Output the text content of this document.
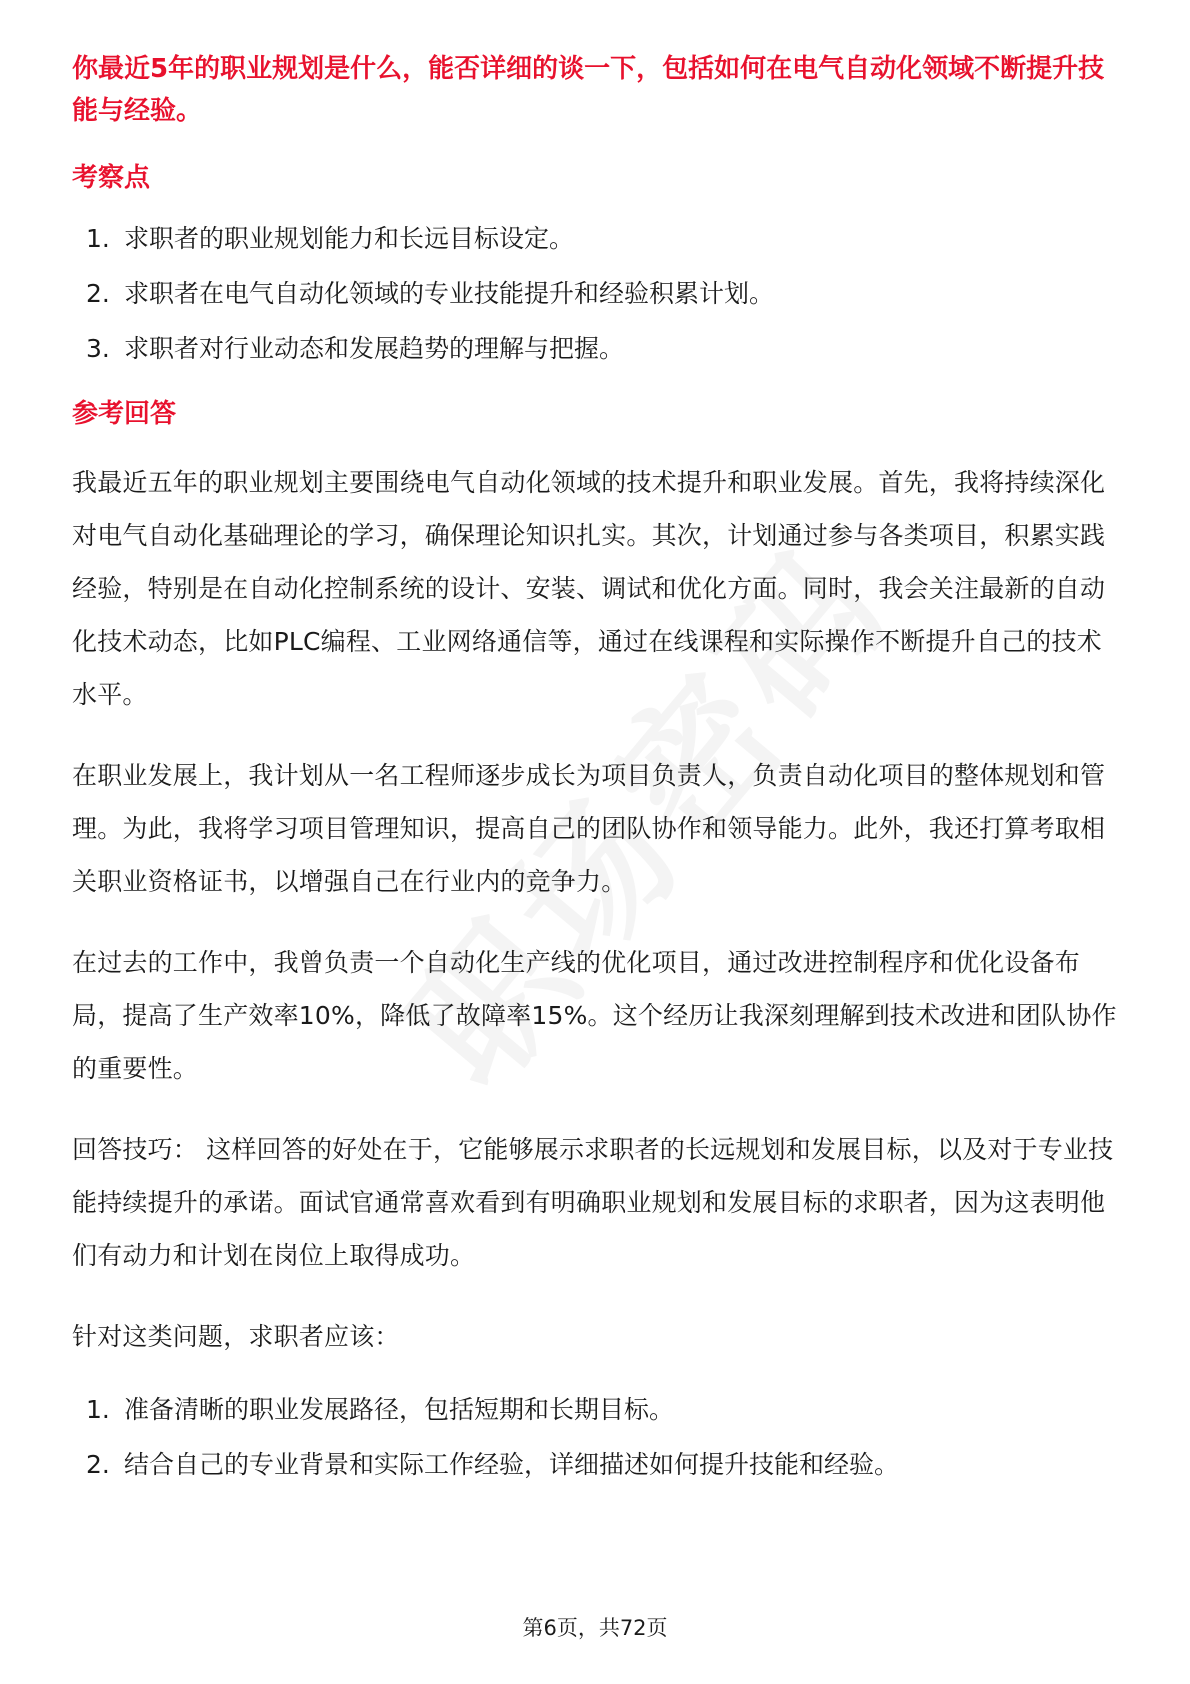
你最近5年的职业规划是什么，能否详细的谈一下，包括如何在电气自动化领域不断提升技能与经验。
考察点
1. 求职者的职业规划能力和长远目标设定。
2. 求职者在电气自动化领域的专业技能提升和经验积累计划。
3. 求职者对行业动态和发展趋势的理解与把握。
参考回答

我最近五年的职业规划主要围绕电气自动化领域的技术提升和职业发展。首先，我将持续深化对电气自动化基础理论的学习，确保理论知识扎实。其次，计划通过参与各类项目，积累实践经验，特别是在自动化控制系统的设计、安装、调试和优化方面。同时，我会关注最新的自动化技术动态，比如PLC编程、工业网络通信等，通过在线课程和实际操作不断提升自己的技术水平。

在职业发展上，我计划从一名工程师逐步成长为项目负责人，负责自动化项目的整体规划和管理。为此，我将学习项目管理知识，提高自己的团队协作和领导能力。此外，我还打算考取相关职业资格证书，以增强自己在行业内的竞争力。

在过去的工作中，我曾负责一个自动化生产线的优化项目，通过改进控制程序和优化设备布局，提高了生产效率10%，降低了故障率15%。这个经历让我深刻理解到技术改进和团队协作的重要性。

回答技巧： 这样回答的好处在于，它能够展示求职者的长远规划和发展目标，以及对于专业技能持续提升的承诺。面试官通常喜欢看到有明确职业规划和发展目标的求职者，因为这表明他们有动力和计划在岗位上取得成功。

针对这类问题，求职者应该：

1. 准备清晰的职业发展路径，包括短期和长期目标。
2. 结合自己的专业背景和实际工作经验，详细描述如何提升技能和经验。
第6页，共72页
